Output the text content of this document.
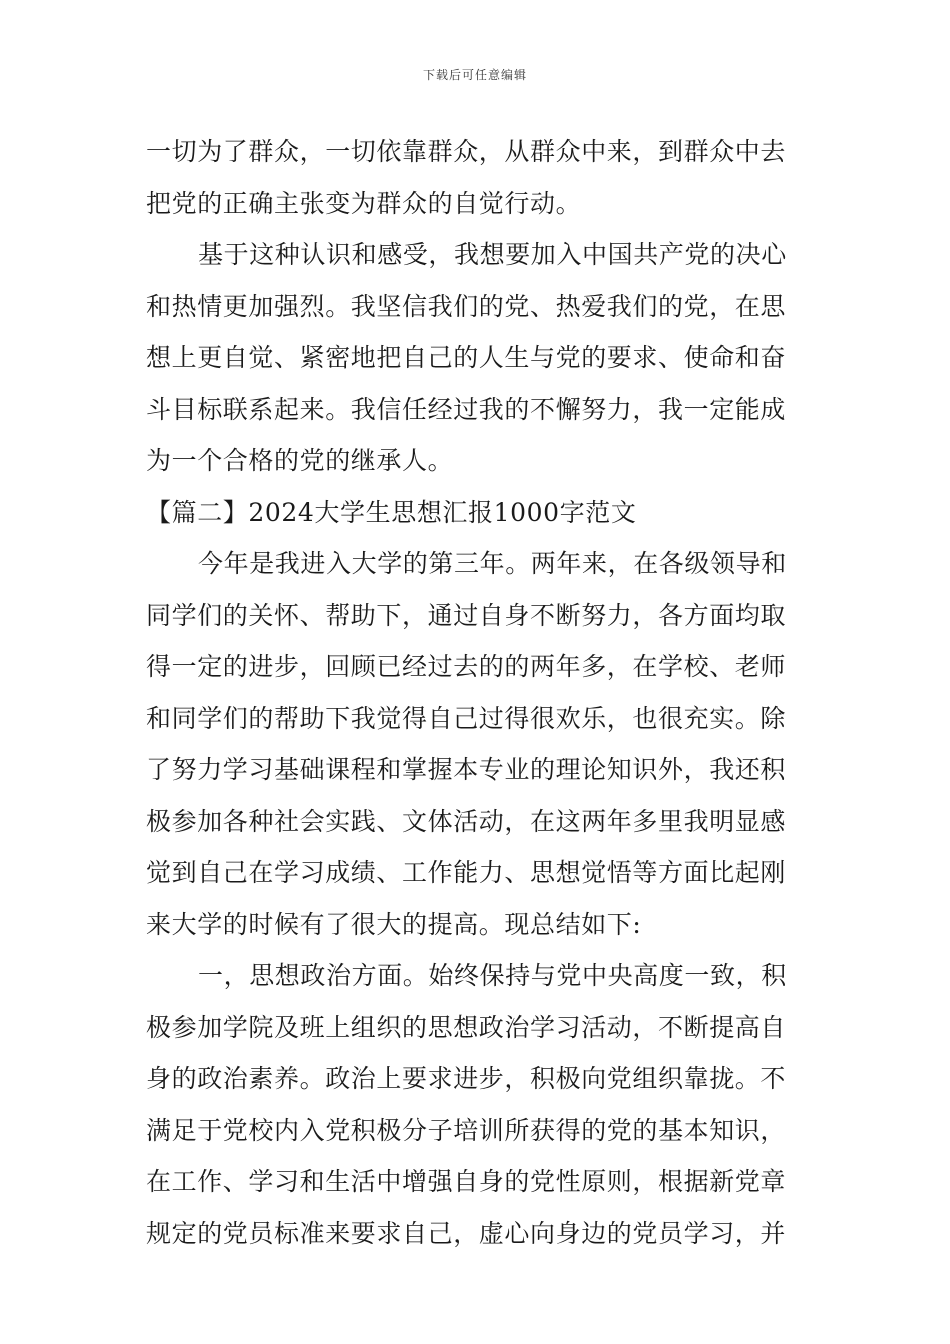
下载后可任意编辑
一切为了群众，一切依靠群众，从群众中来，到群众中去
把党的正确主张变为群众的自觉行动。
基于这种认识和感受，我想要加入中国共产党的决心
和热情更加强烈。我坚信我们的党、热爱我们的党，在思
想上更自觉、紧密地把自己的人生与党的要求、使命和奋
斗目标联系起来。我信任经过我的不懈努力，我一定能成
为一个合格的党的继承人。
【篇二】2024大学生思想汇报1000字范文
今年是我进入大学的第三年。两年来，在各级领导和
同学们的关怀、帮助下，通过自身不断努力，各方面均取
得一定的进步，回顾已经过去的的两年多，在学校、老师
和同学们的帮助下我觉得自己过得很欢乐，也很充实。除
了努力学习基础课程和掌握本专业的理论知识外，我还积
极参加各种社会实践、文体活动，在这两年多里我明显感
觉到自己在学习成绩、工作能力、思想觉悟等方面比起刚
来大学的时候有了很大的提高。现总结如下:
一，思想政治方面。始终保持与党中央高度一致，积
极参加学院及班上组织的思想政治学习活动，不断提高自
身的政治素养。政治上要求进步，积极向党组织靠拢。不
满足于党校内入党积极分子培训所获得的党的基本知识，
在工作、学习和生活中增强自身的党性原则，根据新党章
规定的党员标准来要求自己，虚心向身边的党员学习，并
